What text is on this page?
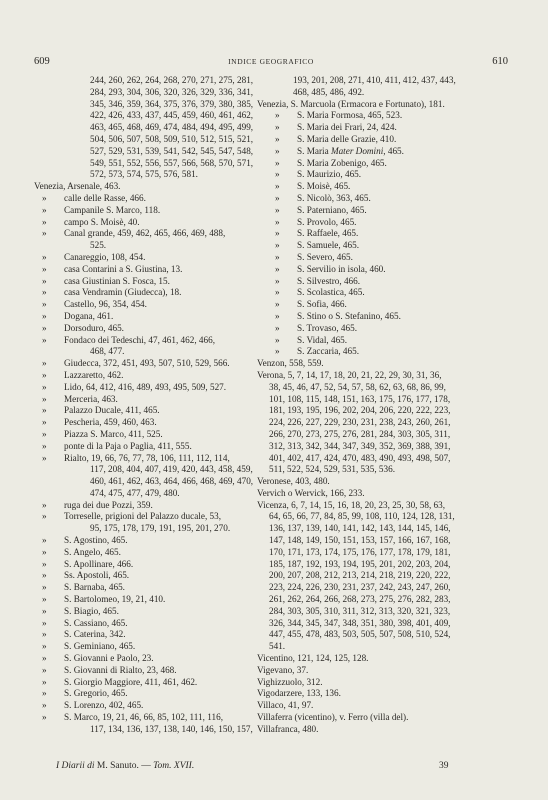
609	INDICE GEOGRAFICO	610
244, 260, 262, 264, 268, 270, 271, 275, 281,
284, 293, 304, 306, 320, 326, 329, 336, 341,
345, 346, 359, 364, 375, 376, 379, 380, 385,
422, 426, 433, 437, 445, 459, 460, 461, 462,
463, 465, 468, 469, 474, 484, 494, 495, 499,
504, 506, 507, 508, 509, 510, 512, 515, 521,
527, 529, 531, 539, 541, 542, 545, 547, 548,
549, 551, 552, 556, 557, 566, 568, 570, 571,
572, 573, 574, 575, 576, 581.
Venezia, Arsenale, 463.
» calle delle Rasse, 466.
» Campanile S. Marco, 118.
» campo S. Moisè, 40.
» Canal grande, 459, 462, 465, 466, 469, 488,
525.
» Canareggio, 108, 454.
» casa Contarini a S. Giustina, 13.
» casa Giustinian S. Fosca, 15.
» casa Vendramin (Giudecca), 18.
» Castello, 96, 354, 454.
» Dogana, 461.
» Dorsoduro, 465.
» Fondaco dei Tedeschi, 47, 461, 462, 466,
468, 477.
» Giudecca, 372, 451, 493, 507, 510, 529, 566.
» Lazzaretto, 462.
» Lido, 64, 412, 416, 489, 493, 495, 509, 527.
» Merceria, 463.
» Palazzo Ducale, 411, 465.
» Pescheria, 459, 460, 463.
» Piazza S. Marco, 411, 525.
» ponte di la Paja o Paglia, 411, 555.
» Rialto, 19, 66, 76, 77, 78, 106, 111, 112, 114,
117, 208, 404, 407, 419, 420, 443, 458, 459,
460, 461, 462, 463, 464, 466, 468, 469, 470,
474, 475, 477, 479, 480.
» ruga dei due Pozzi, 359.
» Torreselle, prigioni del Palazzo ducale, 53,
95, 175, 178, 179, 191, 195, 201, 270.
» S. Agostino, 465.
» S. Angelo, 465.
» S. Apollinare, 466.
» Ss. Apostoli, 465.
» S. Barnaba, 465.
» S. Bartolomeo, 19, 21, 410.
» S. Biagio, 465.
» S. Cassiano, 465.
» S. Caterina, 342.
» S. Geminiano, 465.
» S. Giovanni e Paolo, 23.
» S. Giovanni di Rialto, 23, 468.
» S. Giorgio Maggiore, 411, 461, 462.
» S. Gregorio, 465.
» S. Lorenzo, 402, 465.
» S. Marco, 19, 21, 46, 66, 85, 102, 111, 116,
117, 134, 136, 137, 138, 140, 146, 150, 157,
193, 201, 208, 271, 410, 411, 412, 437, 443,
468, 485, 486, 492.
Venezia, S. Marcuola (Ermacora e Fortunato), 181.
» S. Maria Formosa, 465, 523.
» S. Maria dei Frari, 24, 424.
» S. Maria delle Grazie, 410.
» S. Maria Mater Domini, 465.
» S. Maria Zobenigo, 465.
» S. Maurizio, 465.
» S. Moisè, 465.
» S. Nicolò, 363, 465.
» S. Paterniano, 465.
» S. Provolo, 465.
» S. Raffaele, 465.
» S. Samuele, 465.
» S. Severo, 465.
» S. Servilio in isola, 460.
» S. Silvestro, 466.
» S. Scolastica, 465.
» S. Sofia, 466.
» S. Stino o S. Stefanino, 465.
» S. Trovaso, 465.
» S. Vidal, 465.
» S. Zaccaria, 465.
Venzon, 558, 559.
Verona, 5, 7, 14, 17, 18, 20, 21, 22, 29, 30, 31, 36,
38, 45, 46, 47, 52, 54, 57, 58, 62, 63, 68, 86, 99,
101, 108, 115, 148, 151, 163, 175, 176, 177, 178,
181, 193, 195, 196, 202, 204, 206, 220, 222, 223,
224, 226, 227, 229, 230, 231, 238, 243, 260, 261,
266, 270, 273, 275, 276, 281, 284, 303, 305, 311,
312, 313, 342, 344, 347, 349, 352, 369, 388, 391,
401, 402, 417, 424, 470, 483, 490, 493, 498, 507,
511, 522, 524, 529, 531, 535, 536.
Veronese, 403, 480.
Vervich o Wervick, 166, 233.
Vicenza, 6, 7, 14, 15, 16, 18, 20, 23, 25, 30, 58, 63,
64, 65, 66, 77, 84, 85, 99, 108, 110, 124, 128, 131,
136, 137, 139, 140, 141, 142, 143, 144, 145, 146,
147, 148, 149, 150, 151, 153, 157, 166, 167, 168,
170, 171, 173, 174, 175, 176, 177, 178, 179, 181,
185, 187, 192, 193, 194, 195, 201, 202, 203, 204,
200, 207, 208, 212, 213, 214, 218, 219, 220, 222,
223, 224, 226, 230, 231, 237, 242, 243, 247, 260,
261, 262, 264, 266, 268, 273, 275, 276, 282, 283,
284, 303, 305, 310, 311, 312, 313, 320, 321, 323,
326, 344, 345, 347, 348, 351, 380, 398, 401, 409,
447, 455, 478, 483, 503, 505, 507, 508, 510, 524,
541.
Vicentino, 121, 124, 125, 128.
Vigevano, 37.
Vighizzuolo, 312.
Vigodarzere, 133, 136.
Villaco, 41, 97.
Villaferra (vicentino), v. Ferro (villa del).
Villafranca, 480.
I Diarii di M. Sanuto. — Tom. XVII.	39
